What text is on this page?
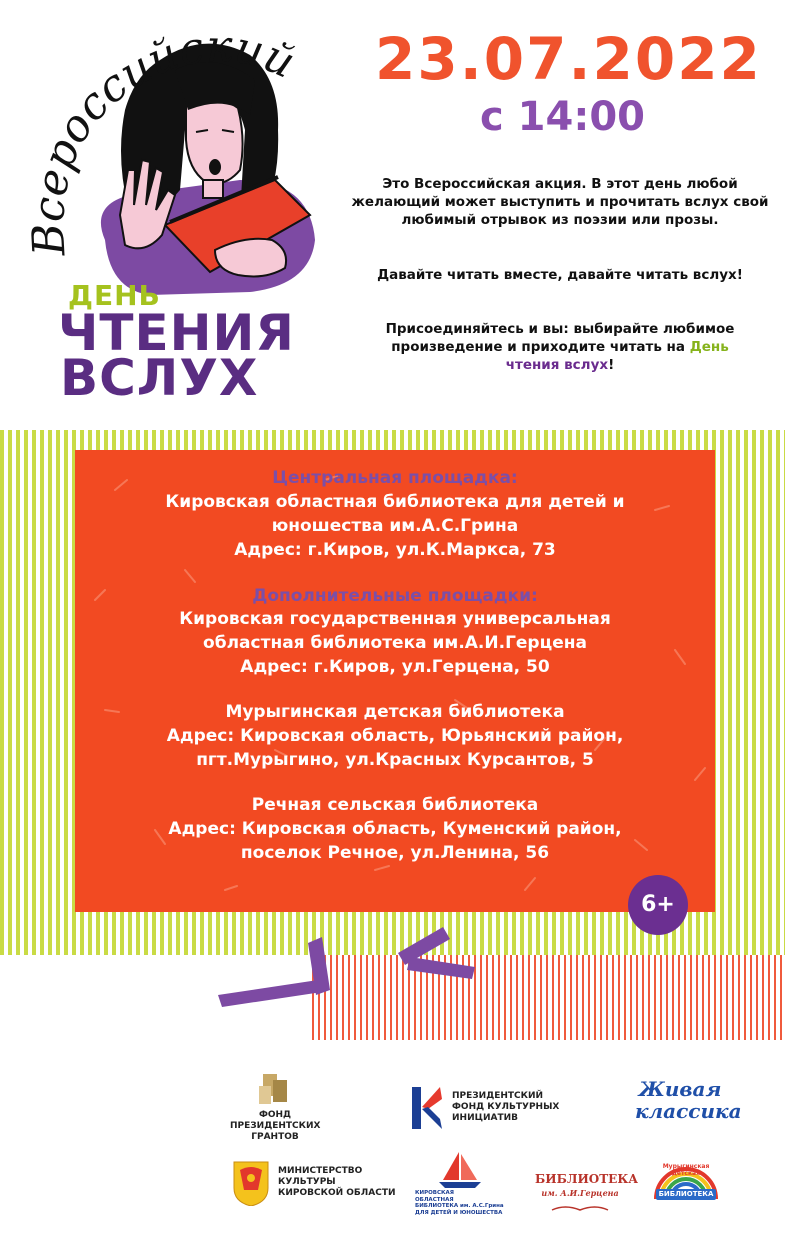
Всероссийский
ДЕНЬ
ЧТЕНИЯ
ВСЛУХ
23.07.2022
с 14:00

Это Всероссийская акция. В этот день любой желающий может выступить и прочитать вслух свой любимый отрывок из поэзии или прозы.

Давайте читать вместе, давайте читать вслух!

Присоединяйтесь и вы: выбирайте любимое произведение и приходите читать на День
чтения вслух!

Центральная площадка:
Кировская областная библиотека для детей и
юношества им.А.С.Грина
Адрес: г.Киров, ул.К.Маркса, 73
Дополнительные площадки:
Кировская государственная универсальная
областная библиотека им.А.И.Герцена
Адрес: г.Киров, ул.Герцена, 50
Мурыгинская детская библиотека
Адрес: Кировская область, Юрьянский район,
пгт.Мурыгино, ул.Красных Курсантов, 5
Речная сельская библиотека
Адрес: Кировская область, Куменский район,
поселок Речное, ул.Ленина, 56
6+
ФОНД
ПРЕЗИДЕНТСКИХ
ГРАНТОВ
ПРЕЗИДЕНТСКИЙ
ФОНД КУЛЬТУРНЫХ
ИНИЦИАТИВ
Живая
классика
МИНИСТЕРСТВО КУЛЬТУРЫ
КИРОВСКОЙ ОБЛАСТИ	КИРОВСКАЯ
ОБЛАСТНАЯ
БИБЛИОТЕКА им. А.С.Грина
ДЛЯ ДЕТЕЙ И ЮНОШЕСТВА
БИБЛИОТЕКА
им. А.И.Герцена
Мурыгинская детская
БИБЛИОТЕКА
